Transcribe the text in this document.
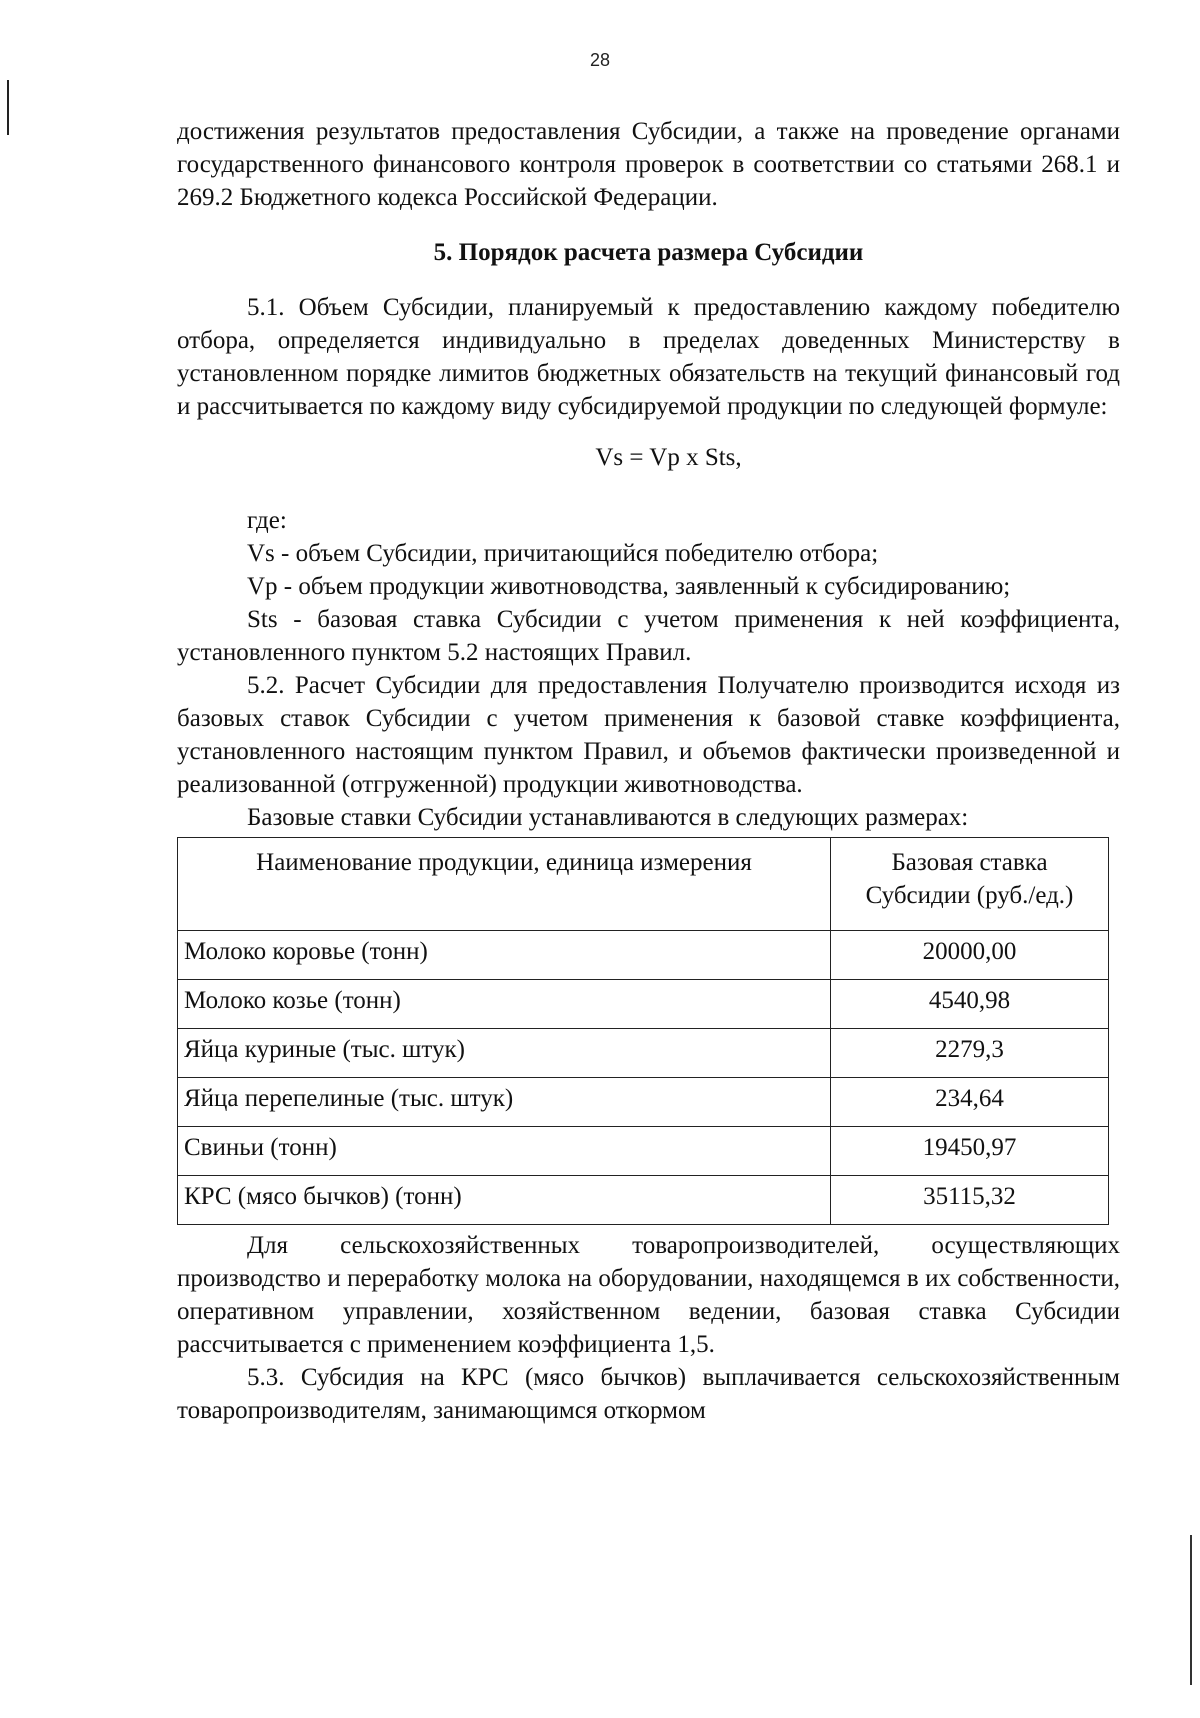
28

достижения результатов предоставления Субсидии, а также на проведение органами государственного финансового контроля проверок в соответствии со статьями 268.1 и 269.2 Бюджетного кодекса Российской Федерации.

5. Порядок расчета размера Субсидии

5.1. Объем Субсидии, планируемый к предоставлению каждому победителю отбора, определяется индивидуально в пределах доведенных Министерству в установленном порядке лимитов бюджетных обязательств на текущий финансовый год и рассчитывается по каждому виду субсидируемой продукции по следующей формуле:

Vs = Vp x Sts,

где:

Vs - объем Субсидии, причитающийся победителю отбора;

Vp - объем продукции животноводства, заявленный к субсидированию;

Sts - базовая ставка Субсидии с учетом применения к ней коэффициента, установленного пунктом 5.2 настоящих Правил.

5.2. Расчет Субсидии для предоставления Получателю производится исходя из базовых ставок Субсидии с учетом применения к базовой ставке коэффициента, установленного настоящим пунктом Правил, и объемов фактически произведенной и реализованной (отгруженной) продукции животноводства.

Базовые ставки Субсидии устанавливаются в следующих размерах:

Наименование продукции, единица измерения	Базовая ставка Субсидии (руб./ед.)
Молоко коровье (тонн)	20000,00
Молоко козье (тонн)	4540,98
Яйца куриные (тыс. штук)	2279,3
Яйца перепелиные (тыс. штук)	234,64
Свиньи (тонн)	19450,97
КРС (мясо бычков) (тонн)	35115,32

Для сельскохозяйственных товаропроизводителей, осуществляющих производство и переработку молока на оборудовании, находящемся в их собственности, оперативном управлении, хозяйственном ведении, базовая ставка Субсидии рассчитывается с применением коэффициента 1,5.

5.3. Субсидия на КРС (мясо бычков) выплачивается сельскохозяйственным товаропроизводителям, занимающимся откормом
